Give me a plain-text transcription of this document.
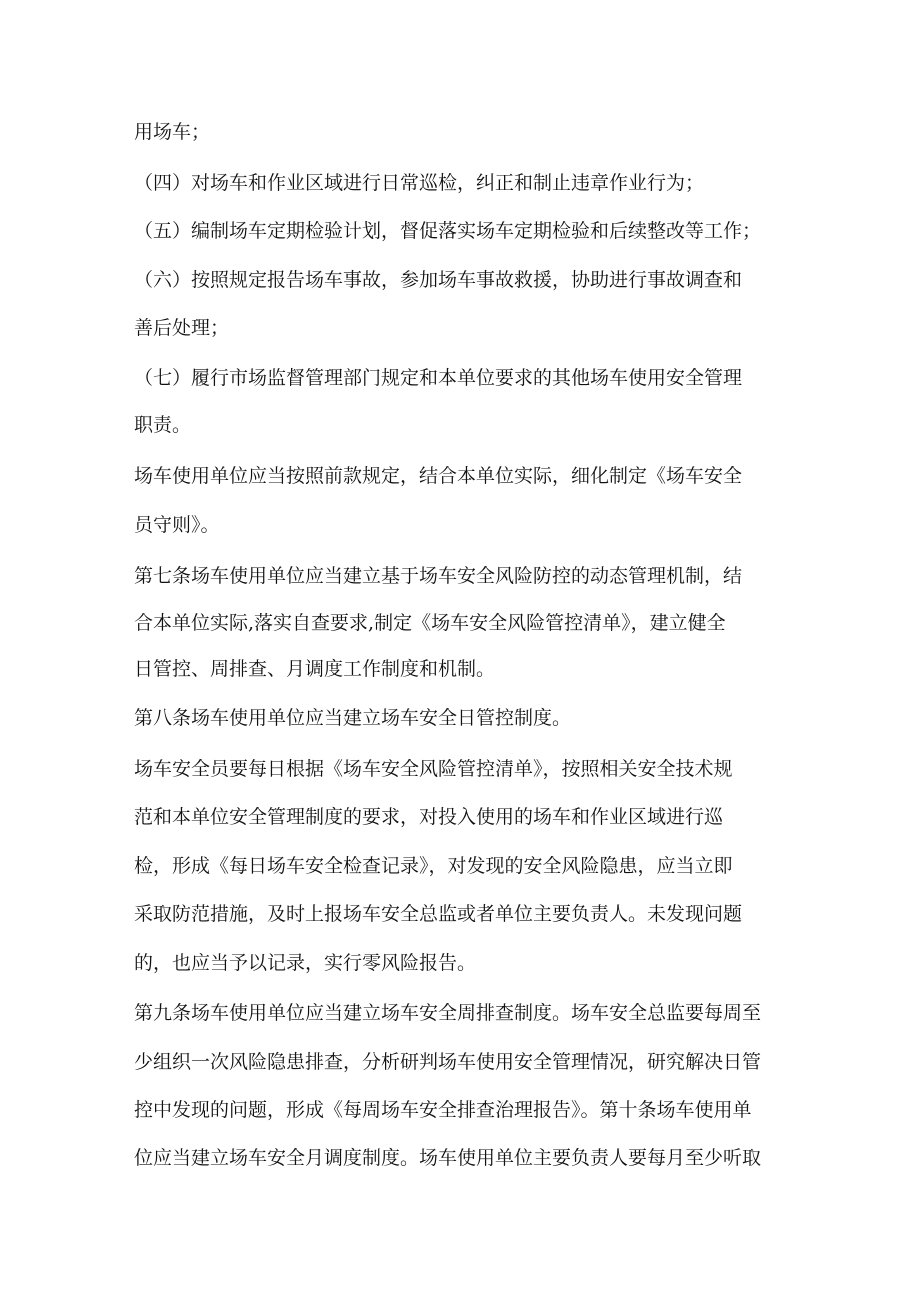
用场车；

（四）对场车和作业区域进行日常巡检，纠正和制止违章作业行为；

（五）编制场车定期检验计划，督促落实场车定期检验和后续整改等工作；

（六）按照规定报告场车事故，参加场车事故救援，协助进行事故调查和

善后处理；

（七）履行市场监督管理部门规定和本单位要求的其他场车使用安全管理

职责。

场车使用单位应当按照前款规定，结合本单位实际，细化制定《场车安全

员守则》。

第七条场车使用单位应当建立基于场车安全风险防控的动态管理机制，结

合本单位实际,落实自查要求,制定《场车安全风险管控清单》，建立健全

日管控、周排查、月调度工作制度和机制。

第八条场车使用单位应当建立场车安全日管控制度。

场车安全员要每日根据《场车安全风险管控清单》，按照相关安全技术规

范和本单位安全管理制度的要求，对投入使用的场车和作业区域进行巡

检，形成《每日场车安全检查记录》，对发现的安全风险隐患，应当立即

采取防范措施，及时上报场车安全总监或者单位主要负责人。未发现问题

的，也应当予以记录，实行零风险报告。

第九条场车使用单位应当建立场车安全周排查制度。场车安全总监要每周至

少组织一次风险隐患排查，分析研判场车使用安全管理情况，研究解决日管

控中发现的问题，形成《每周场车安全排查治理报告》。第十条场车使用单

位应当建立场车安全月调度制度。场车使用单位主要负责人要每月至少听取
